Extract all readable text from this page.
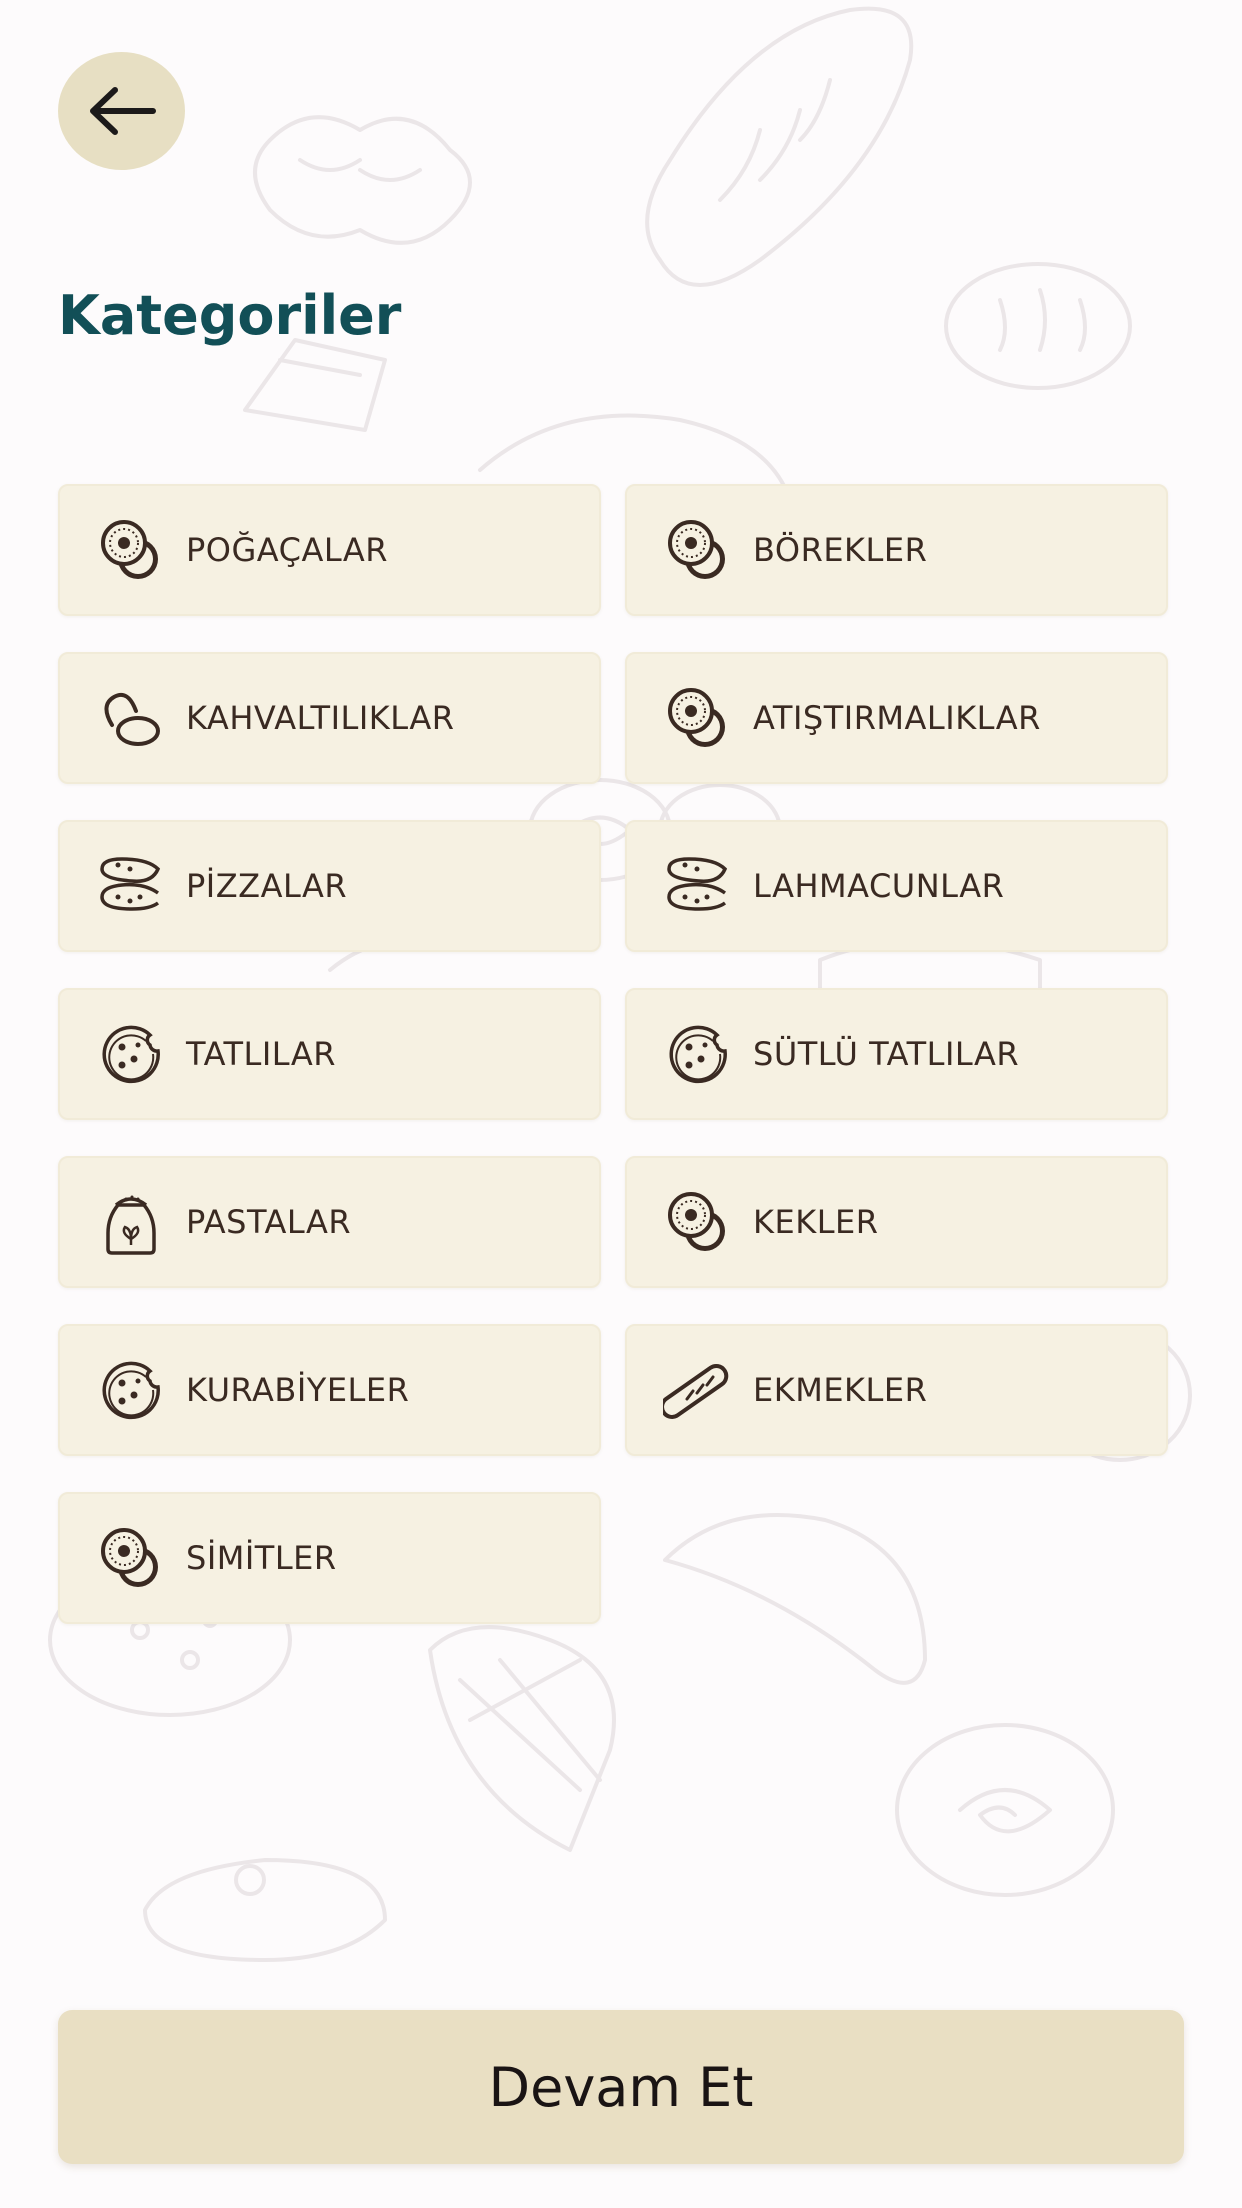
Kategoriler
POĞAÇALAR	BÖREKLER
KAHVALTILIKLAR	ATIŞTIRMALIKLAR
PİZZALAR	LAHMACUNLAR
TATLILAR	SÜTLÜ TATLILAR
PASTALAR	KEKLER
KURABİYELER	EKMEKLER
SİMİTLER
Devam Et
